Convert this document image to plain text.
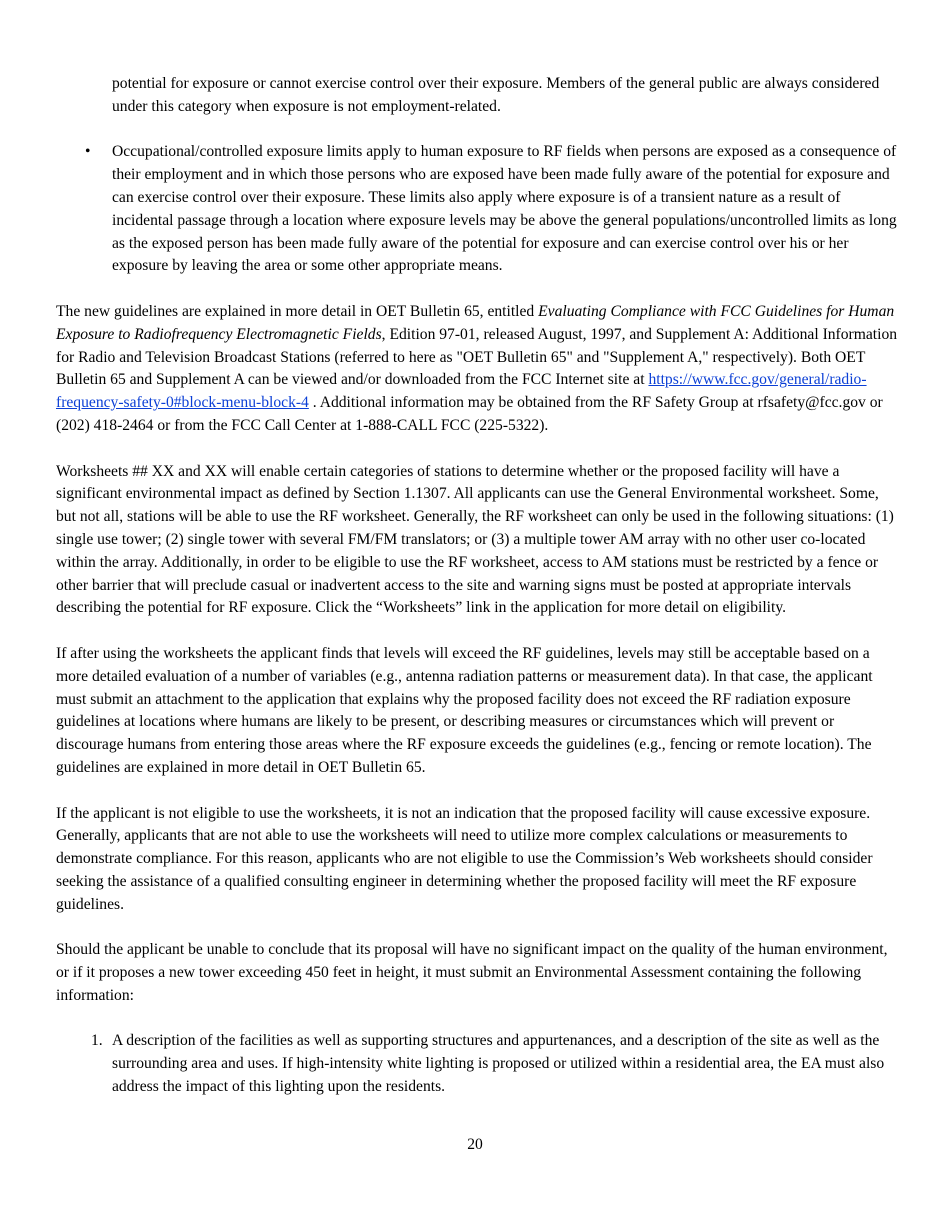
potential for exposure or cannot exercise control over their exposure. Members of the general public are always considered under this category when exposure is not employment-related.

• Occupational/controlled exposure limits apply to human exposure to RF fields when persons are exposed as a consequence of their employment and in which those persons who are exposed have been made fully aware of the potential for exposure and can exercise control over their exposure. These limits also apply where exposure is of a transient nature as a result of incidental passage through a location where exposure levels may be above the general populations/uncontrolled limits as long as the exposed person has been made fully aware of the potential for exposure and can exercise control over his or her exposure by leaving the area or some other appropriate means.

The new guidelines are explained in more detail in OET Bulletin 65, entitled Evaluating Compliance with FCC Guidelines for Human Exposure to Radiofrequency Electromagnetic Fields, Edition 97-01, released August, 1997, and Supplement A: Additional Information for Radio and Television Broadcast Stations (referred to here as "OET Bulletin 65" and "Supplement A," respectively). Both OET Bulletin 65 and Supplement A can be viewed and/or downloaded from the FCC Internet site at https://www.fcc.gov/general/radio-frequency-safety-0#block-menu-block-4 . Additional information may be obtained from the RF Safety Group at rfsafety@fcc.gov or (202) 418-2464 or from the FCC Call Center at 1-888-CALL FCC (225-5322).

Worksheets ## XX and XX will enable certain categories of stations to determine whether or the proposed facility will have a significant environmental impact as defined by Section 1.1307. All applicants can use the General Environmental worksheet. Some, but not all, stations will be able to use the RF worksheet. Generally, the RF worksheet can only be used in the following situations: (1) single use tower; (2) single tower with several FM/FM translators; or (3) a multiple tower AM array with no other user co-located within the array. Additionally, in order to be eligible to use the RF worksheet, access to AM stations must be restricted by a fence or other barrier that will preclude casual or inadvertent access to the site and warning signs must be posted at appropriate intervals describing the potential for RF exposure. Click the “Worksheets” link in the application for more detail on eligibility.

If after using the worksheets the applicant finds that levels will exceed the RF guidelines, levels may still be acceptable based on a more detailed evaluation of a number of variables (e.g., antenna radiation patterns or measurement data). In that case, the applicant must submit an attachment to the application that explains why the proposed facility does not exceed the RF radiation exposure guidelines at locations where humans are likely to be present, or describing measures or circumstances which will prevent or discourage humans from entering those areas where the RF exposure exceeds the guidelines (e.g., fencing or remote location). The guidelines are explained in more detail in OET Bulletin 65.

If the applicant is not eligible to use the worksheets, it is not an indication that the proposed facility will cause excessive exposure. Generally, applicants that are not able to use the worksheets will need to utilize more complex calculations or measurements to demonstrate compliance. For this reason, applicants who are not eligible to use the Commission’s Web worksheets should consider seeking the assistance of a qualified consulting engineer in determining whether the proposed facility will meet the RF exposure guidelines.

Should the applicant be unable to conclude that its proposal will have no significant impact on the quality of the human environment, or if it proposes a new tower exceeding 450 feet in height, it must submit an Environmental Assessment containing the following information:

1. A description of the facilities as well as supporting structures and appurtenances, and a description of the site as well as the surrounding area and uses. If high-intensity white lighting is proposed or utilized within a residential area, the EA must also address the impact of this lighting upon the residents.

20
